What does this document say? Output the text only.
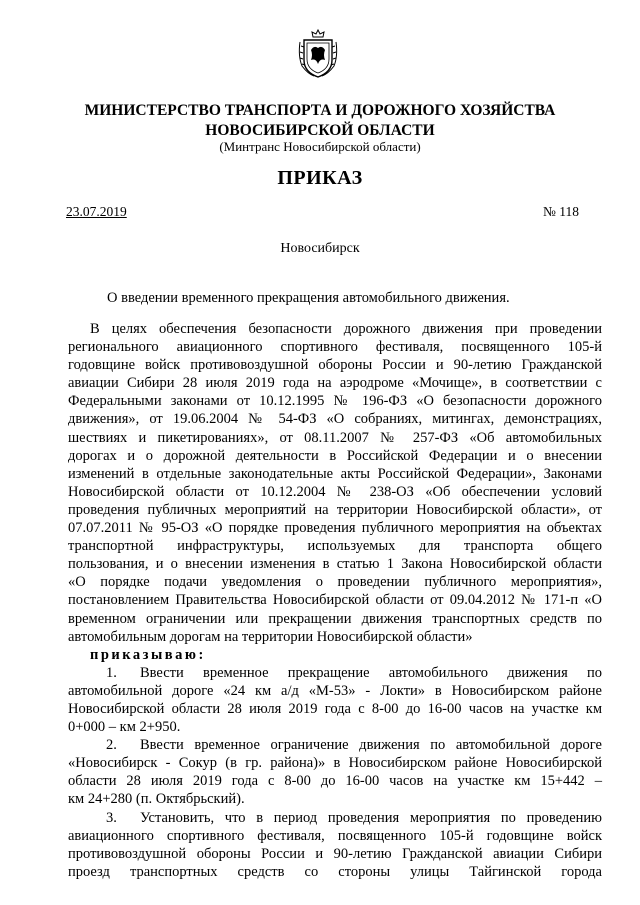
МИНИСТЕРСТВО ТРАНСПОРТА И ДОРОЖНОГО ХОЗЯЙСТВА
НОВОСИБИРСКОЙ ОБЛАСТИ
(Минтранс Новосибирской области)
ПРИКАЗ
23.07.2019	№ 118
Новосибирск
О введении временного прекращения автомобильного движения.

В целях обеспечения безопасности дорожного движения при проведении

регионального авиационного спортивного фестиваля, посвященного 105-й

годовщине войск противовоздушной обороны России и 90-летию Гражданской

авиации Сибири 28 июля 2019 года на аэродроме «Мочище», в соответствии с

Федеральными законами от 10.12.1995 № 196-ФЗ «О безопасности дорожного

движения», от 19.06.2004 № 54-ФЗ «О собраниях, митингах, демонстрациях,

шествиях и пикетированиях», от 08.11.2007 № 257-ФЗ «Об автомобильных

дорогах и о дорожной деятельности в Российской Федерации и о внесении

изменений в отдельные законодательные акты Российской Федерации», Законами

Новосибирской области от 10.12.2004 № 238-ОЗ «Об обеспечении условий

проведения публичных мероприятий на территории Новосибирской области», от

07.07.2011 № 95-ОЗ «О порядке проведения публичного мероприятия на объектах

транспортной инфраструктуры, используемых для транспорта общего

пользования, и о внесении изменения в статью 1 Закона Новосибирской области

«О порядке подачи уведомления о проведении публичного мероприятия»,

постановлением Правительства Новосибирской области от 09.04.2012 № 171-п «О

временном ограничении или прекращении движения транспортных средств по

автомобильным дорогам на территории Новосибирской области»

приказываю:

1. Ввести временное прекращение автомобильного движения по

автомобильной дороге «24 км а/д «М-53» - Локти» в Новосибирском районе

Новосибирской области 28 июля 2019 года с 8-00 до 16-00 часов на участке км

0+000 – км 2+950.

2. Ввести временное ограничение движения по автомобильной дороге

«Новосибирск - Сокур (в гр. района)» в Новосибирском районе Новосибирской

области 28 июля 2019 года с 8-00 до 16-00 часов на участке км 15+442 –

км 24+280 (п. Октябрьский).

3. Установить, что в период проведения мероприятия по проведению

авиационного спортивного фестиваля, посвященного 105-й годовщине войск

противовоздушной обороны России и 90-летию Гражданской авиации Сибири

проезд транспортных средств со стороны улицы Тайгинской города
